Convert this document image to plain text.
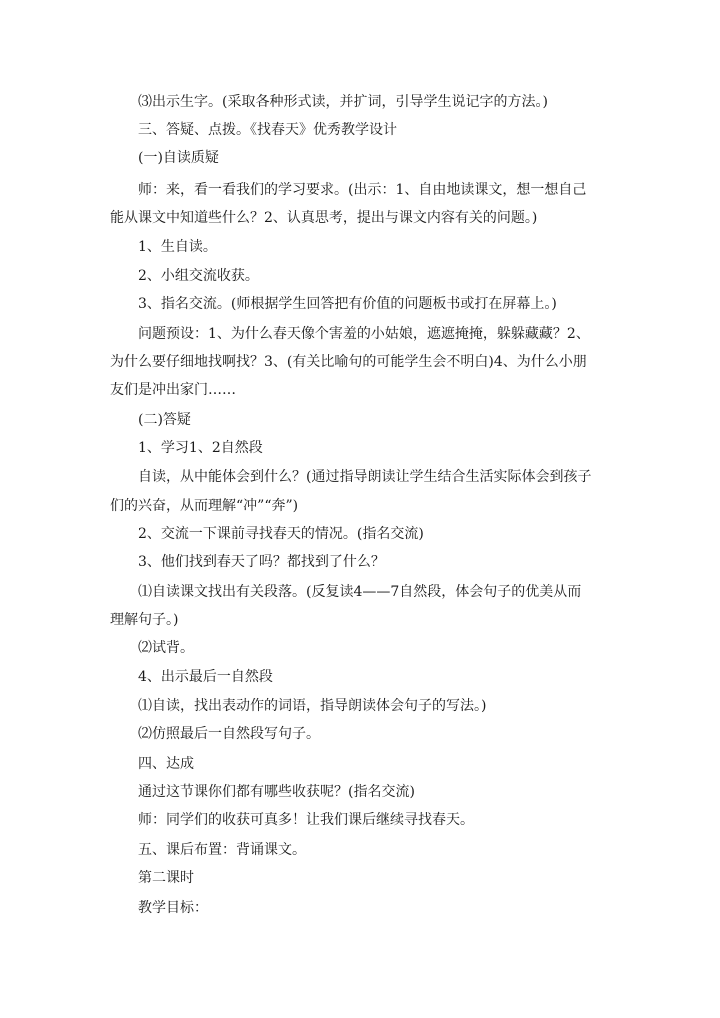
⑶出示生字。(采取各种形式读，并扩词，引导学生说记字的方法。)
三、答疑、点拨。《找春天》优秀教学设计
(一)自读质疑
师：来，看一看我们的学习要求。(出示：1、自由地读课文，想一想自己
能从课文中知道些什么？2、认真思考，提出与课文内容有关的问题。)
1、生自读。
2、小组交流收获。
3、指名交流。(师根据学生回答把有价值的问题板书或打在屏幕上。)
问题预设：1、为什么春天像个害羞的小姑娘，遮遮掩掩，躲躲藏藏？2、
为什么要仔细地找啊找？3、(有关比喻句的可能学生会不明白)4、为什么小朋
友们是冲出家门……
(二)答疑
1、学习1、2自然段
自读，从中能体会到什么？(通过指导朗读让学生结合生活实际体会到孩子
们的兴奋，从而理解“冲”“奔”)
2、交流一下课前寻找春天的情况。(指名交流)
3、他们找到春天了吗？都找到了什么？
⑴自读课文找出有关段落。(反复读4——7自然段，体会句子的优美从而
理解句子。)
⑵试背。
4、出示最后一自然段
⑴自读，找出表动作的词语，指导朗读体会句子的写法。)
⑵仿照最后一自然段写句子。
四、达成
通过这节课你们都有哪些收获呢？(指名交流)
师：同学们的收获可真多！让我们课后继续寻找春天。
五、课后布置：背诵课文。
第二课时
教学目标：
